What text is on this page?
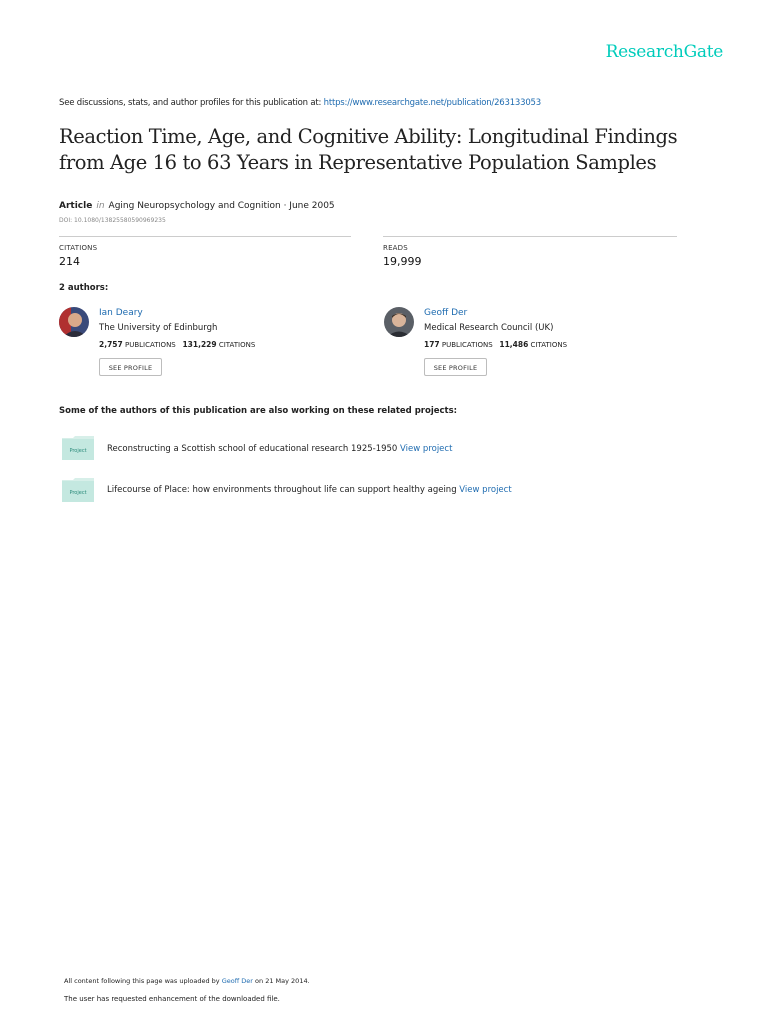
ResearchGate
See discussions, stats, and author profiles for this publication at: https://www.researchgate.net/publication/263133053
Reaction Time, Age, and Cognitive Ability: Longitudinal Findings from Age 16 to 63 Years in Representative Population Samples
Article in Aging Neuropsychology and Cognition · June 2005
DOI: 10.1080/13825580590969235
CITATIONS
214
READS
19,999
2 authors:
Ian Deary
The University of Edinburgh
2,757 PUBLICATIONS 131,229 CITATIONS
SEE PROFILE
Geoff Der
Medical Research Council (UK)
177 PUBLICATIONS 11,486 CITATIONS
SEE PROFILE
Some of the authors of this publication are also working on these related projects:
Project Reconstructing a Scottish school of educational research 1925-1950 View project
Project Lifecourse of Place: how environments throughout life can support healthy ageing View project
All content following this page was uploaded by Geoff Der on 21 May 2014.
The user has requested enhancement of the downloaded file.
